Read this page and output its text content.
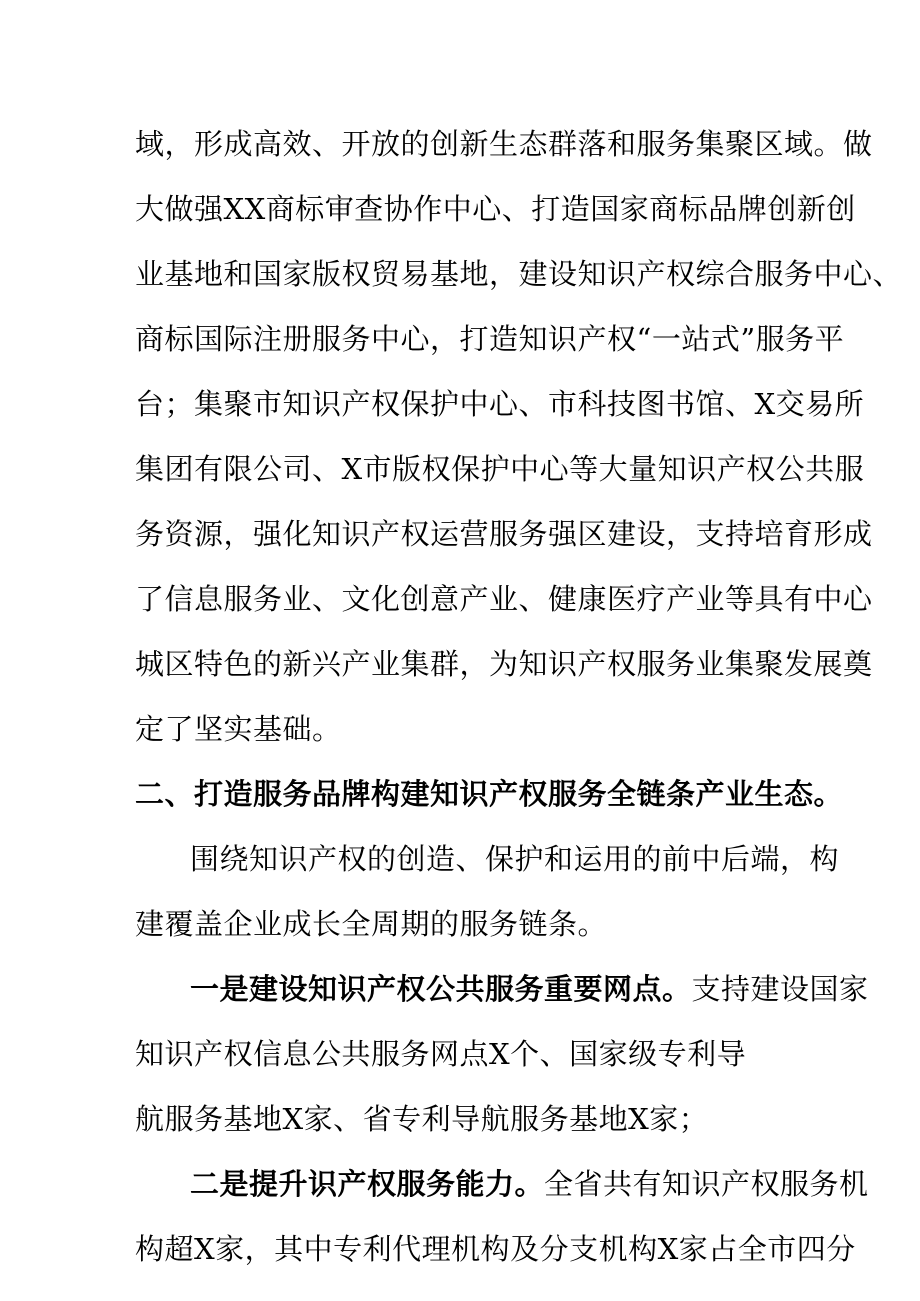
域，形成高效、开放的创新生态群落和服务集聚区域。做
大做强XX商标审查协作中心、打造国家商标品牌创新创
业基地和国家版权贸易基地，建设知识产权综合服务中心、
商标国际注册服务中心，打造知识产权“一站式”服务平
台；集聚市知识产权保护中心、市科技图书馆、X交易所
集团有限公司、X市版权保护中心等大量知识产权公共服
务资源，强化知识产权运营服务强区建设，支持培育形成
了信息服务业、文化创意产业、健康医疗产业等具有中心
城区特色的新兴产业集群，为知识产权服务业集聚发展奠
定了坚实基础。
二、打造服务品牌构建知识产权服务全链条产业生态。
围绕知识产权的创造、保护和运用的前中后端，构
建覆盖企业成长全周期的服务链条。
一是建设知识产权公共服务重要网点。支持建设国家
知识产权信息公共服务网点X个、国家级专利导
航服务基地X家、省专利导航服务基地X家；
二是提升识产权服务能力。全省共有知识产权服务机
构超X家，其中专利代理机构及分支机构X家占全市四分
